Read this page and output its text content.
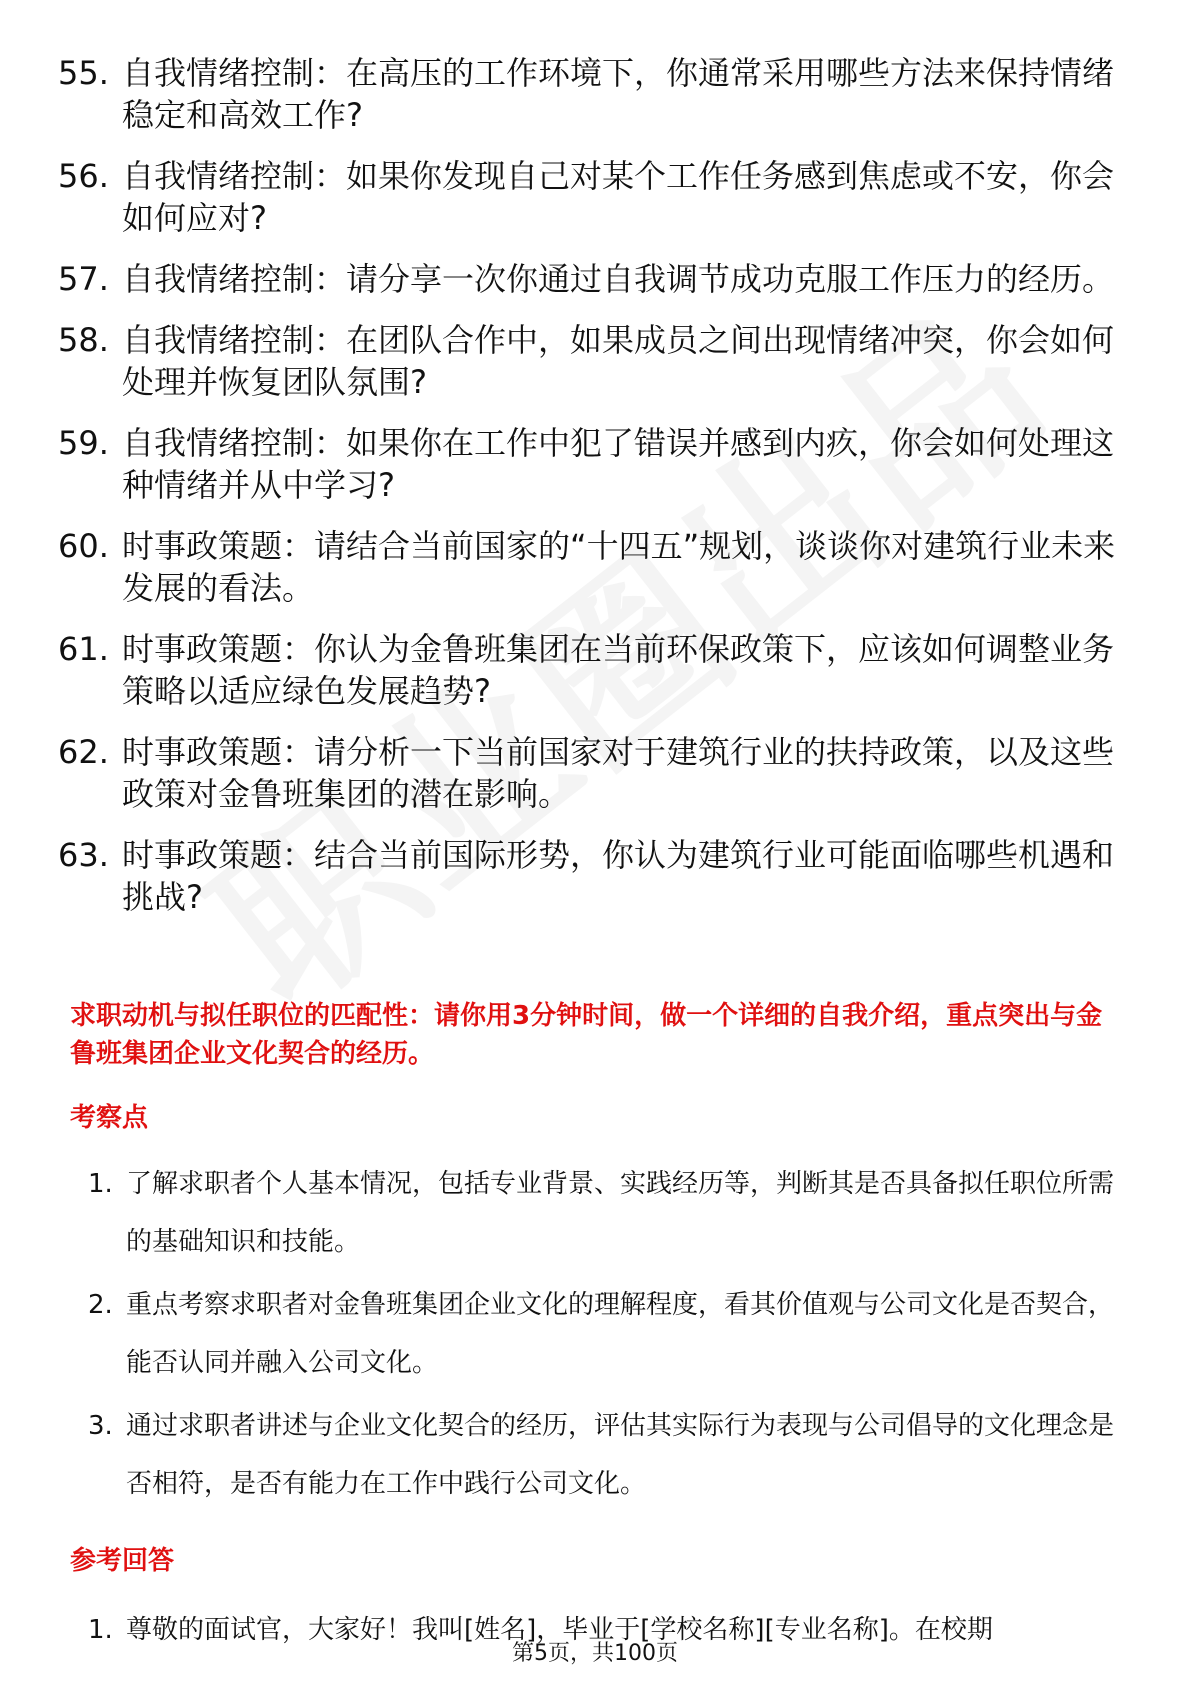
55. 自我情绪控制：在高压的工作环境下，你通常采用哪些方法来保持情绪稳定和高效工作?
56. 自我情绪控制：如果你发现自己对某个工作任务感到焦虑或不安，你会如何应对?
57. 自我情绪控制：请分享一次你通过自我调节成功克服工作压力的经历。
58. 自我情绪控制：在团队合作中，如果成员之间出现情绪冲突，你会如何处理并恢复团队氛围?
59. 自我情绪控制：如果你在工作中犯了错误并感到内疚，你会如何处理这种情绪并从中学习?
60. 时事政策题：请结合当前国家的“十四五”规划，谈谈你对建筑行业未来发展的看法。
61. 时事政策题：你认为金鲁班集团在当前环保政策下，应该如何调整业务策略以适应绿色发展趋势?
62. 时事政策题：请分析一下当前国家对于建筑行业的扶持政策，以及这些政策对金鲁班集团的潜在影响。
63. 时事政策题：结合当前国际形势，你认为建筑行业可能面临哪些机遇和挑战?
求职动机与拟任职位的匹配性：请你用3分钟时间，做一个详细的自我介绍，重点突出与金鲁班集团企业文化契合的经历。
考察点
1. 了解求职者个人基本情况，包括专业背景、实践经历等，判断其是否具备拟任职位所需的基础知识和技能。
2. 重点考察求职者对金鲁班集团企业文化的理解程度，看其价值观与公司文化是否契合，能否认同并融入公司文化。
3. 通过求职者讲述与企业文化契合的经历，评估其实际行为表现与公司倡导的文化理念是否相符，是否有能力在工作中践行公司文化。
参考回答
1. 尊敬的面试官，大家好！我叫[姓名]，毕业于[学校名称][专业名称]。在校期
第5页，共100页
